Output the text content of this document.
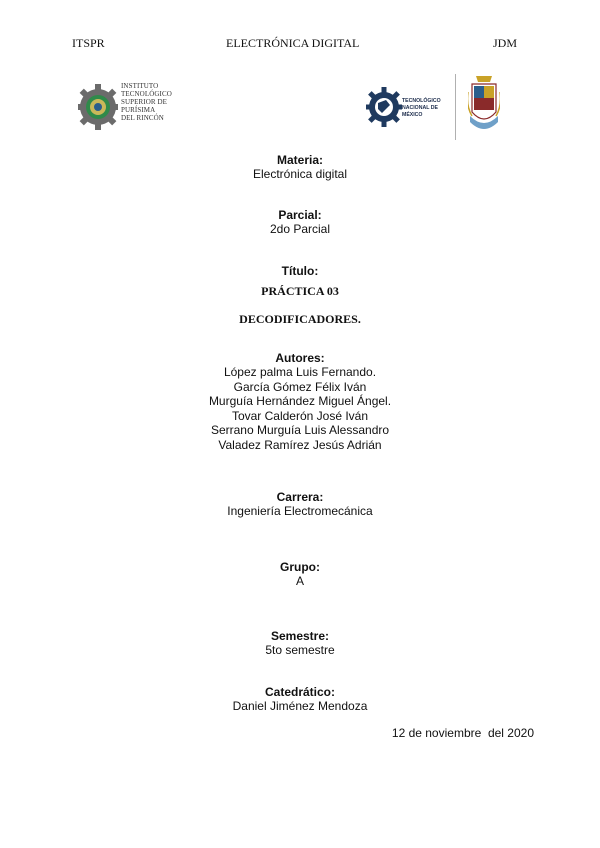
ITSPR	ELECTRÓNICA DIGITAL	JDM
INSTITUTO
TECNOLÓGICO
SUPERIOR DE
PURÍSIMA
DEL RINCÓN
TECNOLÓGICO
NACIONAL DE MÉXICO
Materia:
Electrónica digital
Parcial:
2do Parcial
Título:
PRÁCTICA 03
DECODIFICADORES.
Autores:
López palma Luis Fernando.
García Gómez Félix Iván
Murguía Hernández Miguel Ángel.
Tovar Calderón José Iván
Serrano Murguía Luis Alessandro
Valadez Ramírez Jesús Adrián
Carrera:
Ingeniería Electromecánica
Grupo:
A
Semestre:
5to semestre
Catedrático:
Daniel Jiménez Mendoza
12 de noviembre  del 2020
